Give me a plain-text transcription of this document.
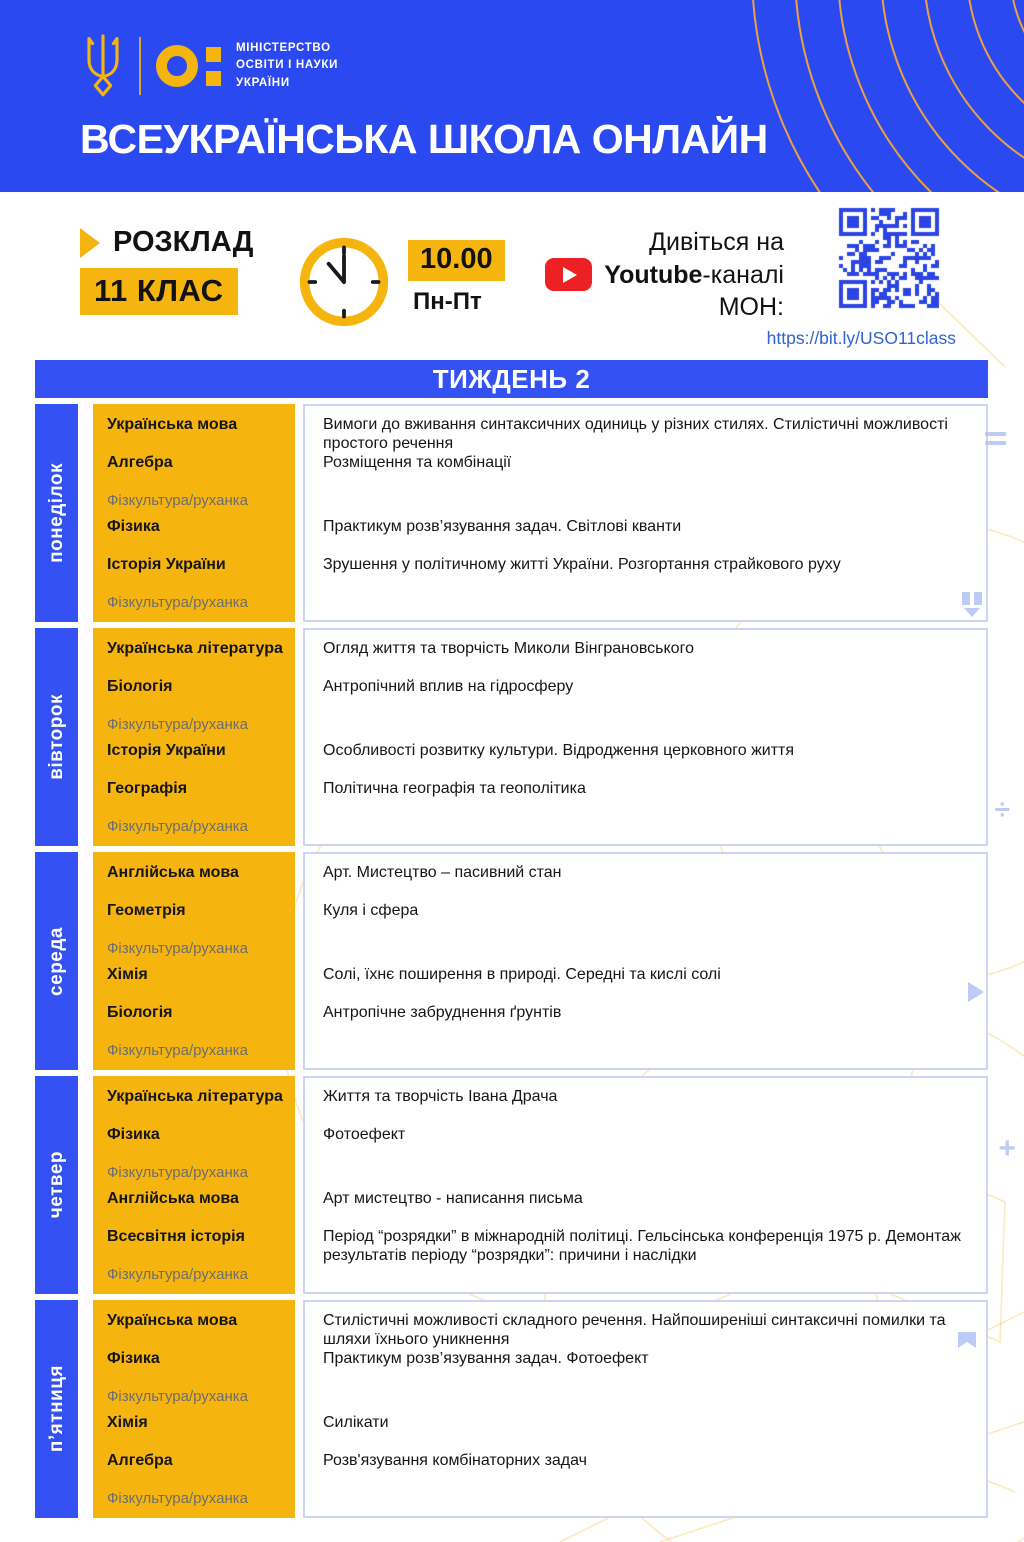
МІНІСТЕРСТВО
ОСВІТИ І НАУКИ
УКРАЇНИ
ВСЕУКРАЇНСЬКА ШКОЛА ОНЛАЙН
РОЗКЛАД
11 КЛАС
10.00
Пн-Пт
Дивіться на
Youtube-каналі
МОН:
https://bit.ly/USO11class
ТИЖДЕНЬ 2
понеділок
Українська мова
Алгебра
Фізкультура/руханка
Фізика
Історія України
Фізкультура/руханка
Вимоги до вживання синтаксичних одиниць у різних стилях. Стилістичні можливості простого речення
Розміщення та комбінації
Практикум розв’язування задач. Світлові кванти
Зрушення у політичному житті України. Розгортання страйкового руху
вівторок
Українська література
Біологія
Фізкультура/руханка
Історія України
Географія
Фізкультура/руханка
Огляд життя та творчість Миколи Вінграновського
Антропічний вплив на гідросферу
Особливості розвитку культури. Відродження церковного життя
Політична географія та геополітика
середа
Англійська мова
Геометрія
Фізкультура/руханка
Хімія
Біологія
Фізкультура/руханка
Арт. Мистецтво – пасивний стан
Куля і сфера
Солі, їхнє поширення в природі. Середні та кислі солі
Антропічне забруднення ґрунтів
четвер
Українська література
Фізика
Фізкультура/руханка
Англійська мова
Всесвітня історія
Фізкультура/руханка
Життя та творчість Івана Драча
Фотоефект
Арт мистецтво - написання письма
Період “розрядки” в міжнародній політиці. Гельсінська конференція 1975 р. Демонтаж результатів періоду “розрядки”: причини і наслідки
п’ятниця
Українська мова
Фізика
Фізкультура/руханка
Хімія
Алгебра
Фізкультура/руханка
Стилістичні можливості складного речення. Найпоширеніші синтаксичні помилки та шляхи їхнього уникнення
Практикум розв’язування задач. Фотоефект
Силікати
Розв'язування комбінаторних задач
÷
+
